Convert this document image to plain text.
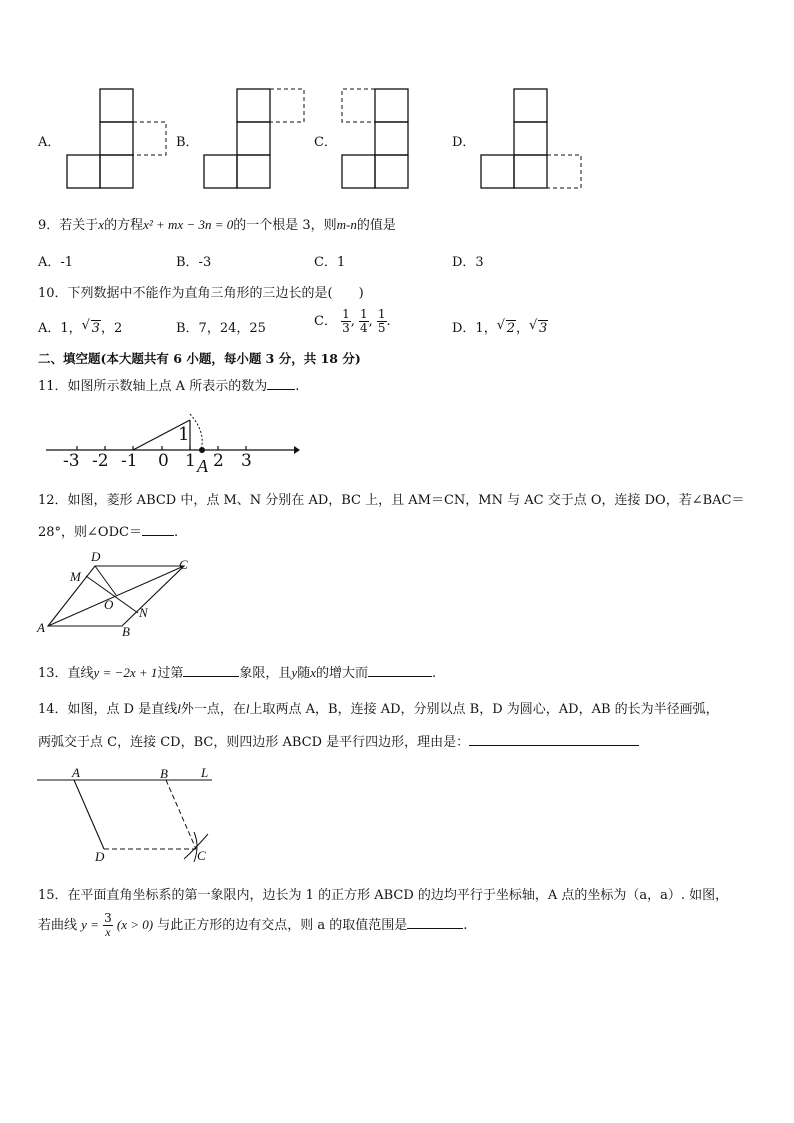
A．	B．	C．	D．
9．若关于x的方程x² + mx − 3n = 0的一个根是 3，则m-n的值是
A．-1	B．-3	C．1	D．3
10．下列数据中不能作为直角三角形的三边长的是(　　)
A．1， √ 3，2	B．7，24，25	C． $\frac{1}{3}$ , $\frac{1}{4}$ , $\frac{1}{5}$ .	D．1， √ 2， √ 3
二、填空题(本大题共有 6 小题，每小题 3 分，共 18 分)
11．如图所示数轴上点 A 所表示的数为 .
-3 -2 -1 0 1 2 3
1
A
12．如图，菱形 ABCD 中，点 M、N 分别在 AD，BC 上，且 AM＝CN，MN 与 AC 交于点 O，连接 DO，若∠BAC＝
28°，则∠ODC＝ .
A	B
C
D
M
N
O
13．直线y = −2x + 1过第	象限，且y随x的增大而	.
14．如图，点 D 是直线l外一点，在l上取两点 A，B，连接 AD，分别以点 B，D 为圆心，AD，AB 的长为半径画弧，
两弧交于点 C，连接 CD，BC，则四边形 ABCD 是平行四边形，理由是：
A	B	L
D	C
15．在平面直角坐标系的第一象限内，边长为 1 的正方形 ABCD 的边均平行于坐标轴，A 点的坐标为（a，a）. 如图，
若曲线 $y = \frac{3}{x} (x > 0)$ 与此正方形的边有交点，则 a 的取值范围是	.
